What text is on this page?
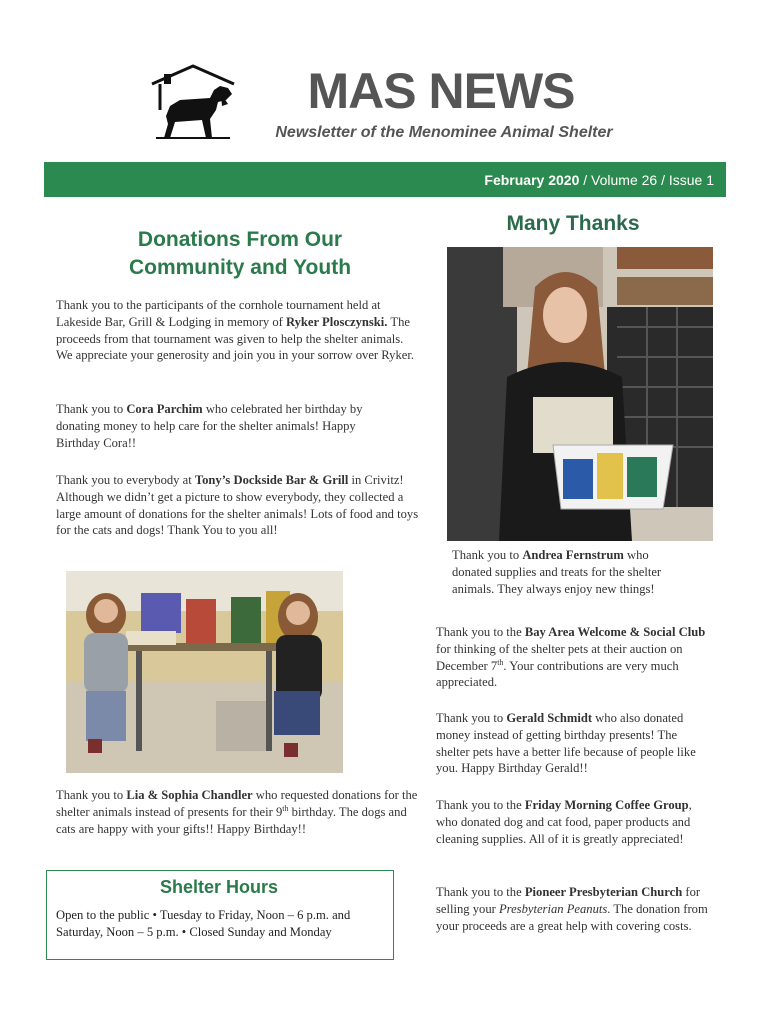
MAS NEWS
Newsletter of the Menominee Animal Shelter
February 2020 / Volume 26 / Issue 1
Donations From Our
Community and Youth
Thank you to the participants of the cornhole tournament held at Lakeside Bar, Grill & Lodging in memory of Ryker Plosczynski. The proceeds from that tournament was given to help the shelter animals. We appreciate your generosity and join you in your sorrow over Ryker.
Thank you to Cora Parchim who celebrated her birthday by donating money to help care for the shelter animals! Happy Birthday Cora!!
Thank you to everybody at Tony’s Dockside Bar & Grill in Crivitz! Although we didn’t get a picture to show everybody, they collected a large amount of donations for the shelter animals! Lots of food and toys for the cats and dogs! Thank You to you all!
Thank you to Lia & Sophia Chandler who requested donations for the shelter animals instead of presents for their 9th birthday. The dogs and cats are happy with your gifts!! Happy Birthday!!
Shelter Hours
Open to the public • Tuesday to Friday, Noon – 6 p.m. and Saturday, Noon – 5 p.m. • Closed Sunday and Monday
Many Thanks
Thank you to Andrea Fernstrum who donated supplies and treats for the shelter animals. They always enjoy new things!
Thank you to the Bay Area Welcome & Social Club for thinking of the shelter pets at their auction on December 7th. Your contributions are very much appreciated.
Thank you to Gerald Schmidt who also donated money instead of getting birthday presents! The shelter pets have a better life because of people like you. Happy Birthday Gerald!!
Thank you to the Friday Morning Coffee Group, who donated dog and cat food, paper products and cleaning supplies. All of it is greatly appreciated!
Thank you to the Pioneer Presbyterian Church for selling your Presbyterian Peanuts. The donation from your proceeds are a great help with covering costs.
